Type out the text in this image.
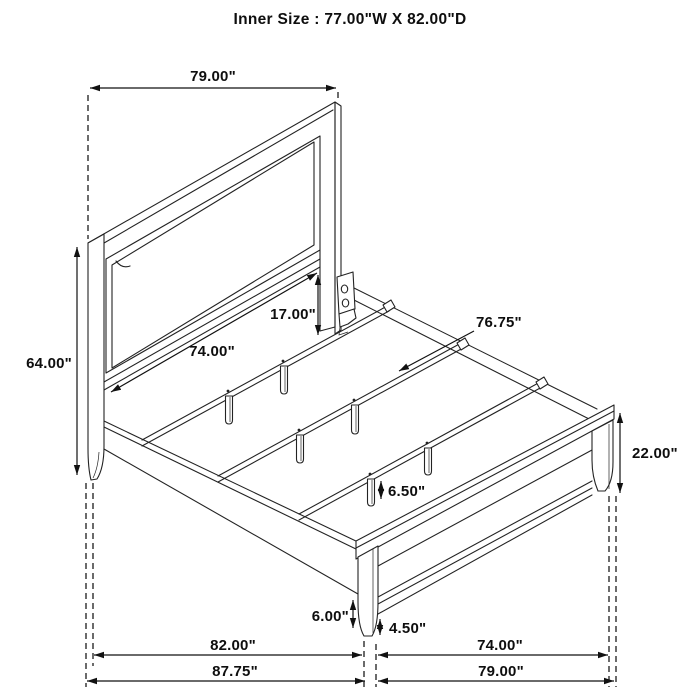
79.00"
64.00"
74.00"
17.00"	76.75"
22.00"
6.50"
6.00"
4.50"
82.00"	74.00"
87.75"	79.00"
Inner Size : 77.00"W X 82.00"D
